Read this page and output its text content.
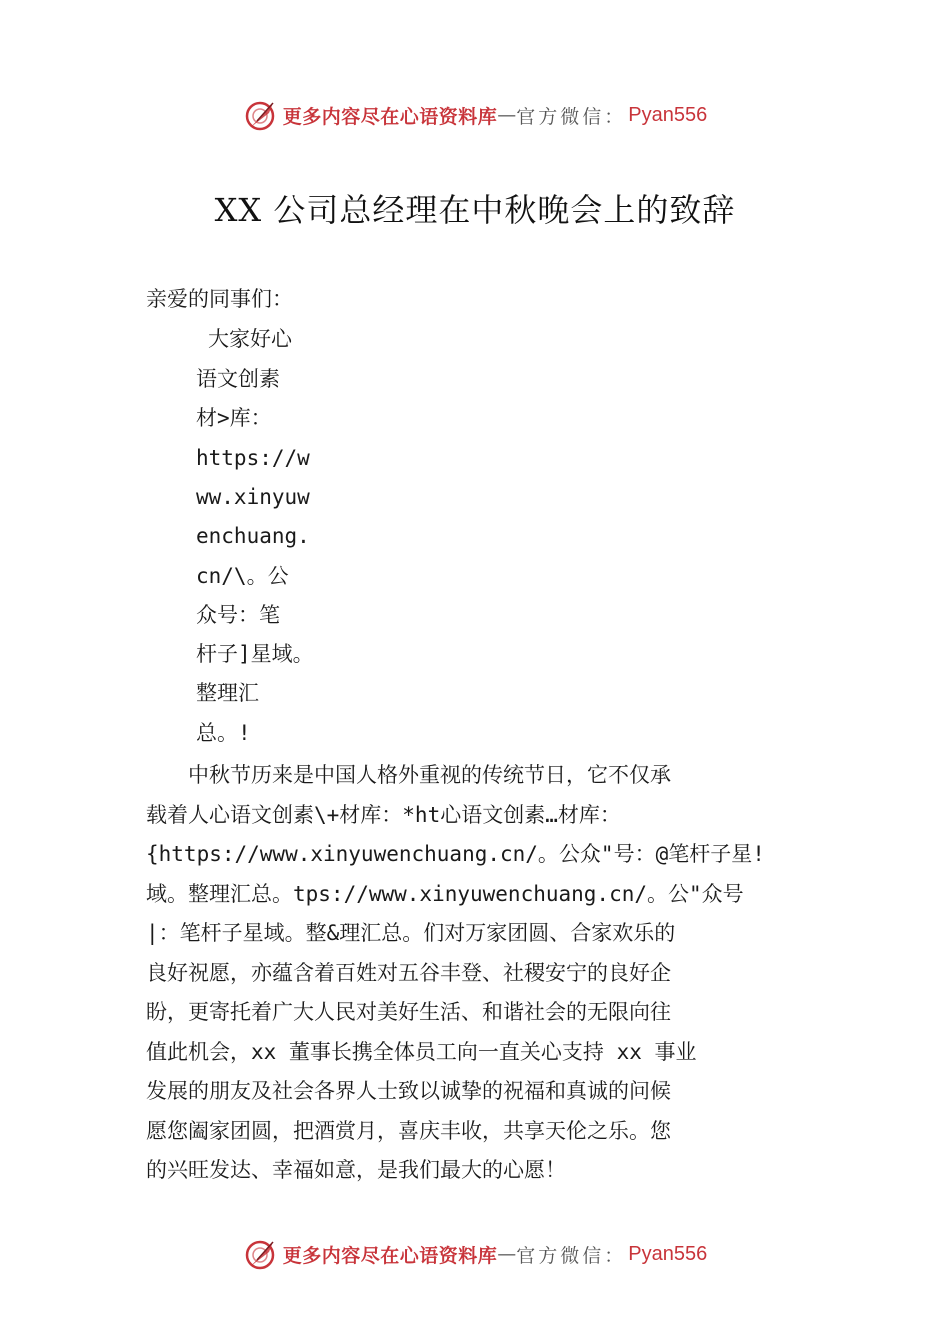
更多内容尽在心语资料库 — 官方微信： Pyan556
XX 公司总经理在中秋晚会上的致辞
亲爱的同事们：
大家好心
语文创素
材>库：
https://w
ww.xinyuw
enchuang.
cn/\。公
众号：笔
杆子]星域。
整理汇
总。!
　　中秋节历来是中国人格外重视的传统节日，它不仅承
载着人心语文创素\+材库：*ht心语文创素…材库：
{https://www.xinyuwenchuang.cn/。公众"号：@笔杆子星!
域。整理汇总。tps://www.xinyuwenchuang.cn/。公"众号
|：笔杆子星域。整&理汇总。们对万家团圆、合家欢乐的
良好祝愿，亦蕴含着百姓对五谷丰登、社稷安宁的良好企
盼，更寄托着广大人民对美好生活、和谐社会的无限向往
值此机会，xx 董事长携全体员工向一直关心支持 xx 事业
发展的朋友及社会各界人士致以诚挚的祝福和真诚的问候
愿您阖家团圆，把酒赏月，喜庆丰收，共享天伦之乐。您
的兴旺发达、幸福如意，是我们最大的心愿！
更多内容尽在心语资料库 — 官方微信： Pyan556
